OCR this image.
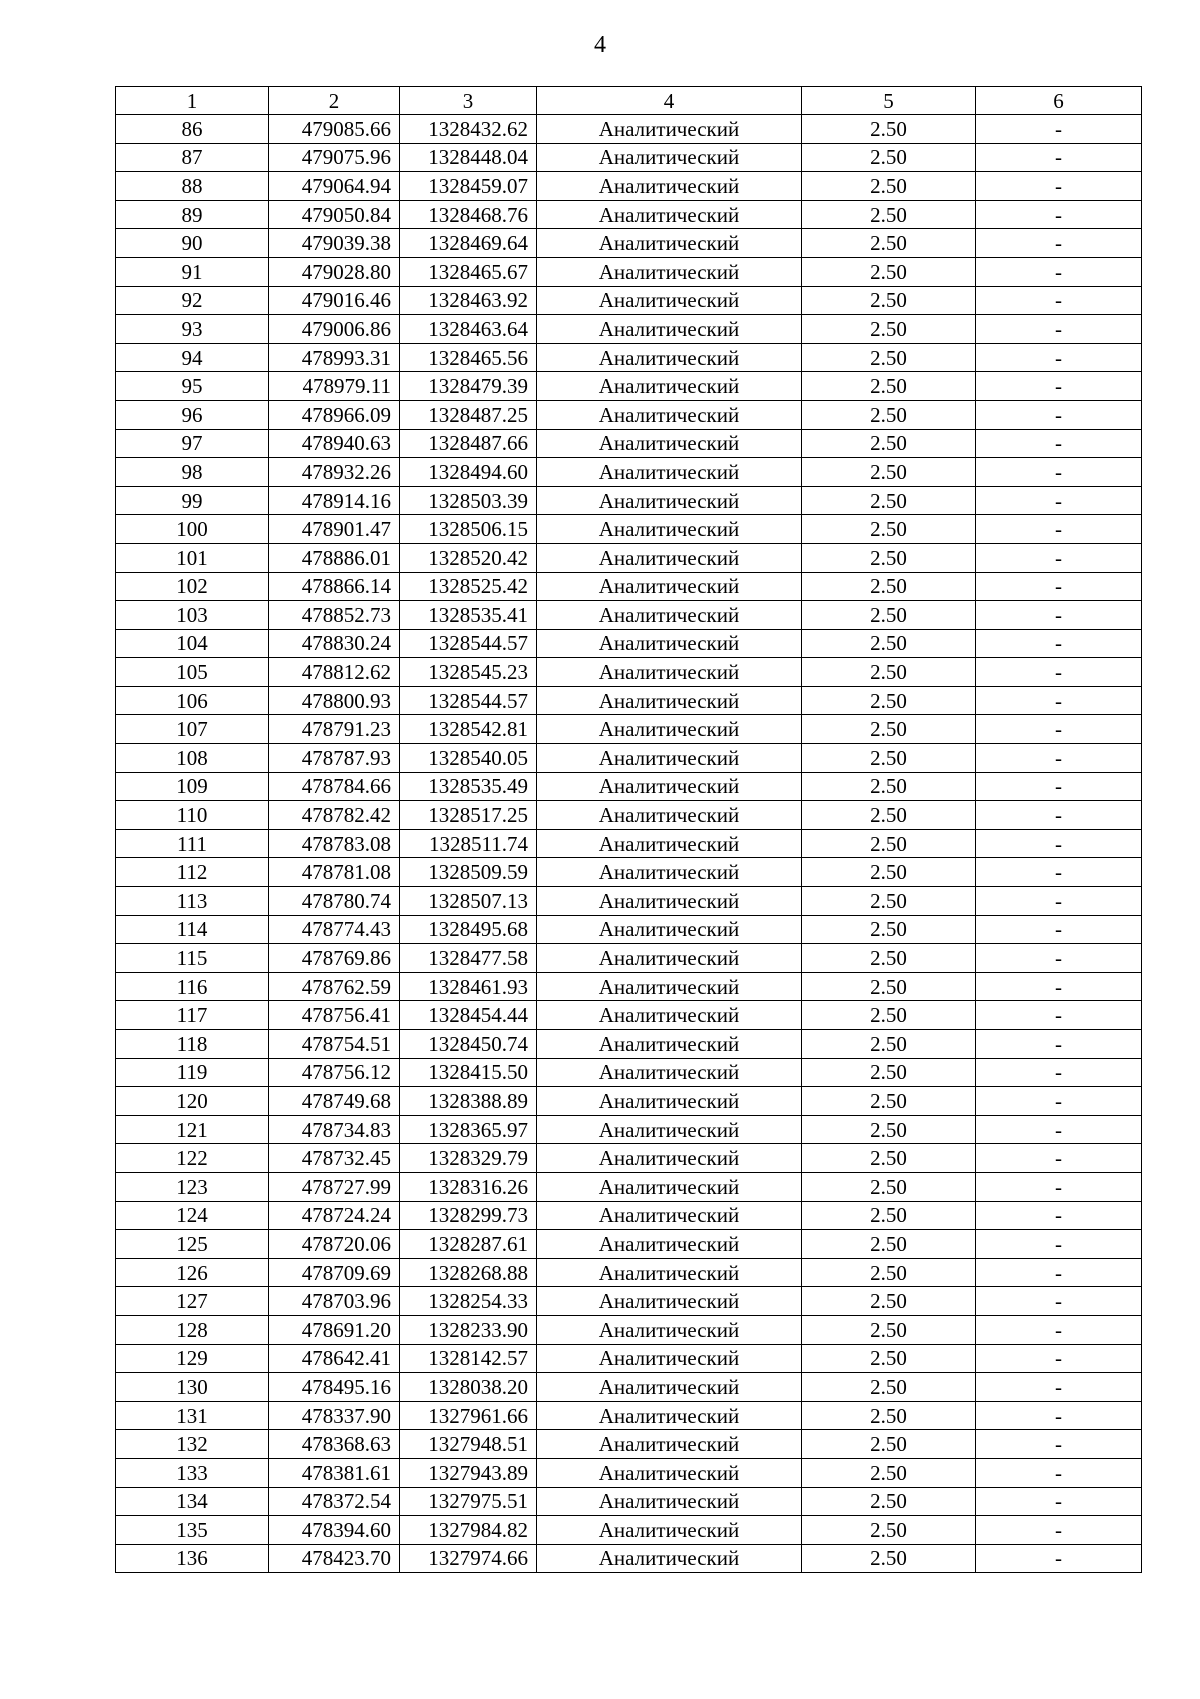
4
1	2	3	4	5	6
86	479085.66	1328432.62	Аналитический	2.50	-
87	479075.96	1328448.04	Аналитический	2.50	-
88	479064.94	1328459.07	Аналитический	2.50	-
89	479050.84	1328468.76	Аналитический	2.50	-
90	479039.38	1328469.64	Аналитический	2.50	-
91	479028.80	1328465.67	Аналитический	2.50	-
92	479016.46	1328463.92	Аналитический	2.50	-
93	479006.86	1328463.64	Аналитический	2.50	-
94	478993.31	1328465.56	Аналитический	2.50	-
95	478979.11	1328479.39	Аналитический	2.50	-
96	478966.09	1328487.25	Аналитический	2.50	-
97	478940.63	1328487.66	Аналитический	2.50	-
98	478932.26	1328494.60	Аналитический	2.50	-
99	478914.16	1328503.39	Аналитический	2.50	-
100	478901.47	1328506.15	Аналитический	2.50	-
101	478886.01	1328520.42	Аналитический	2.50	-
102	478866.14	1328525.42	Аналитический	2.50	-
103	478852.73	1328535.41	Аналитический	2.50	-
104	478830.24	1328544.57	Аналитический	2.50	-
105	478812.62	1328545.23	Аналитический	2.50	-
106	478800.93	1328544.57	Аналитический	2.50	-
107	478791.23	1328542.81	Аналитический	2.50	-
108	478787.93	1328540.05	Аналитический	2.50	-
109	478784.66	1328535.49	Аналитический	2.50	-
110	478782.42	1328517.25	Аналитический	2.50	-
111	478783.08	1328511.74	Аналитический	2.50	-
112	478781.08	1328509.59	Аналитический	2.50	-
113	478780.74	1328507.13	Аналитический	2.50	-
114	478774.43	1328495.68	Аналитический	2.50	-
115	478769.86	1328477.58	Аналитический	2.50	-
116	478762.59	1328461.93	Аналитический	2.50	-
117	478756.41	1328454.44	Аналитический	2.50	-
118	478754.51	1328450.74	Аналитический	2.50	-
119	478756.12	1328415.50	Аналитический	2.50	-
120	478749.68	1328388.89	Аналитический	2.50	-
121	478734.83	1328365.97	Аналитический	2.50	-
122	478732.45	1328329.79	Аналитический	2.50	-
123	478727.99	1328316.26	Аналитический	2.50	-
124	478724.24	1328299.73	Аналитический	2.50	-
125	478720.06	1328287.61	Аналитический	2.50	-
126	478709.69	1328268.88	Аналитический	2.50	-
127	478703.96	1328254.33	Аналитический	2.50	-
128	478691.20	1328233.90	Аналитический	2.50	-
129	478642.41	1328142.57	Аналитический	2.50	-
130	478495.16	1328038.20	Аналитический	2.50	-
131	478337.90	1327961.66	Аналитический	2.50	-
132	478368.63	1327948.51	Аналитический	2.50	-
133	478381.61	1327943.89	Аналитический	2.50	-
134	478372.54	1327975.51	Аналитический	2.50	-
135	478394.60	1327984.82	Аналитический	2.50	-
136	478423.70	1327974.66	Аналитический	2.50	-
